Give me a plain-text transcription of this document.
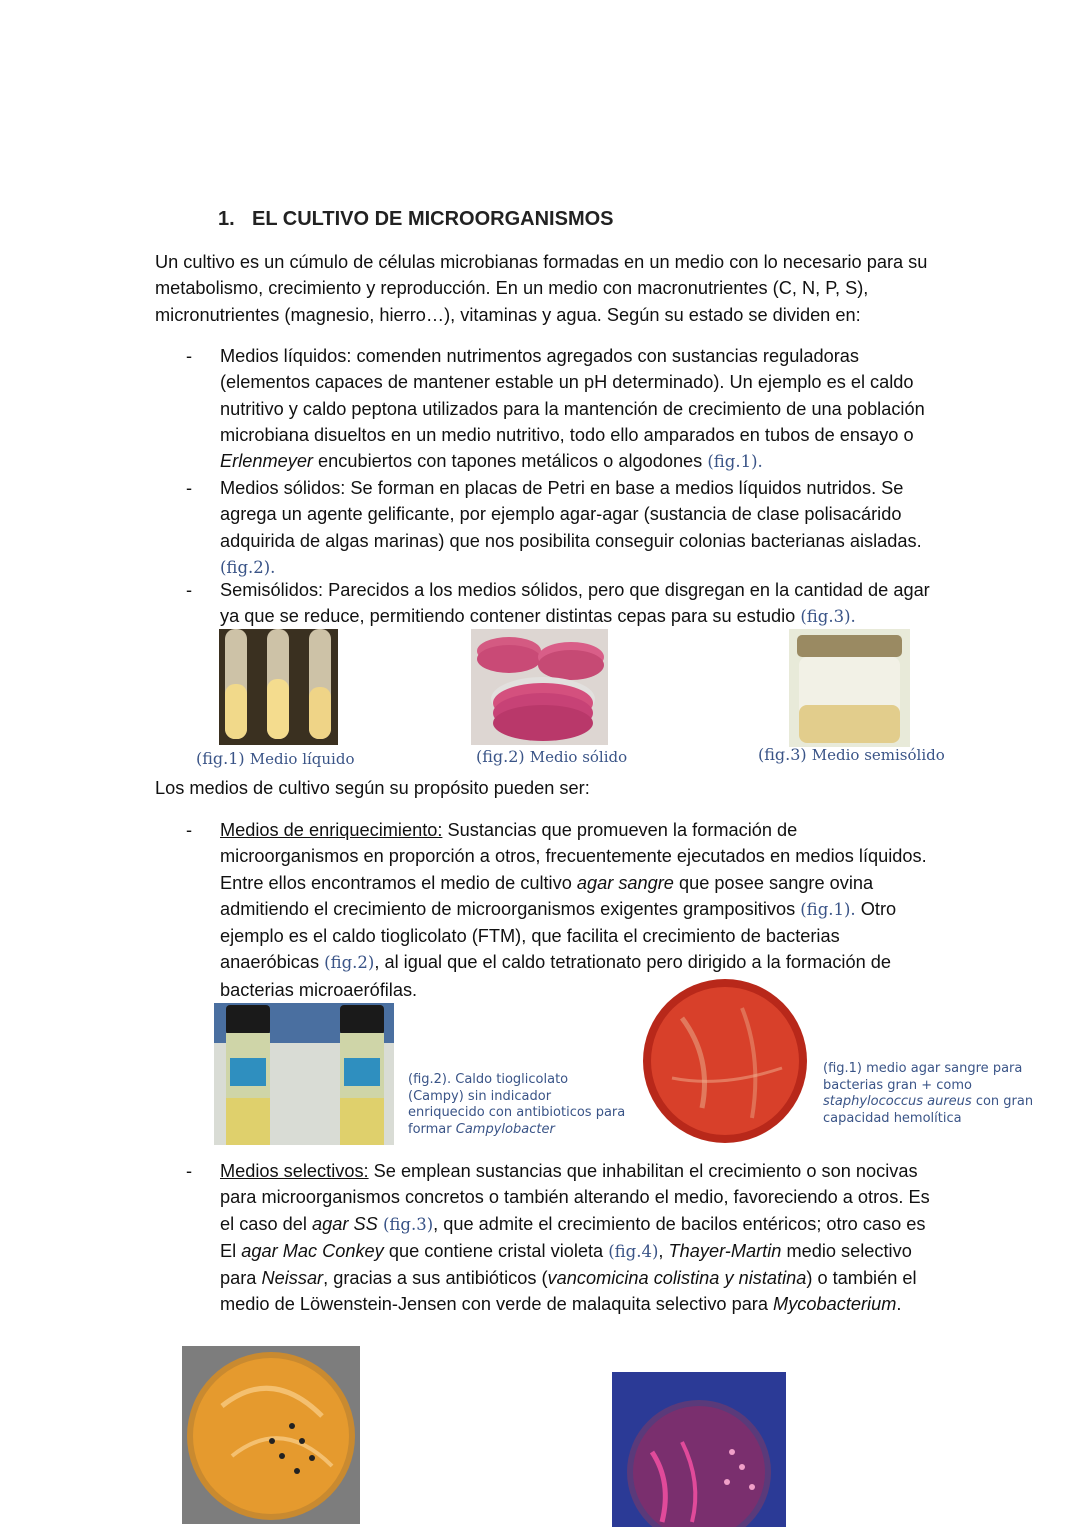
1. EL CULTIVO DE MICROORGANISMOS
Un cultivo es un cúmulo de células microbianas formadas en un medio con lo necesario para su metabolismo, crecimiento y reproducción. En un medio con macronutrientes (C, N, P, S), micronutrientes (magnesio, hierro…), vitaminas y agua. Según su estado se dividen en:
- Medios líquidos: comenden nutrimentos agregados con sustancias reguladoras (elementos capaces de mantener estable un pH determinado). Un ejemplo es el caldo nutritivo y caldo peptona utilizados para la mantención de crecimiento de una población microbiana disueltos en un medio nutritivo, todo ello amparados en tubos de ensayo o Erlenmeyer encubiertos con tapones metálicos o algodones (fig.1).
- Medios sólidos: Se forman en placas de Petri en base a medios líquidos nutridos. Se agrega un agente gelificante, por ejemplo agar-agar (sustancia de clase polisacárido adquirida de algas marinas) que nos posibilita conseguir colonias bacterianas aisladas.
(fig.2).
- Semisólidos: Parecidos a los medios sólidos, pero que disgregan en la cantidad de agar ya que se reduce, permitiendo contener distintas cepas para su estudio (fig.3).
(fig.1) Medio líquido	(fig.2) Medio sólido	(fig.3) Medio semisólido
Los medios de cultivo según su propósito pueden ser:
- Medios de enriquecimiento: Sustancias que promueven la formación de microorganismos en proporción a otros, frecuentemente ejecutados en medios líquidos. Entre ellos encontramos el medio de cultivo agar sangre que posee sangre ovina admitiendo el crecimiento de microorganismos exigentes grampositivos (fig.1). Otro ejemplo es el caldo tioglicolato (FTM), que facilita el crecimiento de bacterias anaeróbicas (fig.2), al igual que el caldo tetrationato pero dirigido a la formación de bacterias microaerófilas.
(fig.2). Caldo tioglicolato (Campy) sin indicador enriquecido con antibioticos para formar Campylobacter
(fig.1) medio agar sangre para bacterias gran + como staphylococcus aureus con gran capacidad hemolítica
- Medios selectivos: Se emplean sustancias que inhabilitan el crecimiento o son nocivas para microorganismos concretos o también alterando el medio, favoreciendo a otros. Es el caso del agar SS (fig.3), que admite el crecimiento de bacilos entéricos; otro caso es El agar Mac Conkey que contiene cristal violeta (fig.4), Thayer-Martin medio selectivo para Neissar, gracias a sus antibióticos (vancomicina colistina y nistatina) o también el medio de Löwenstein-Jensen con verde de malaquita selectivo para Mycobacterium.
